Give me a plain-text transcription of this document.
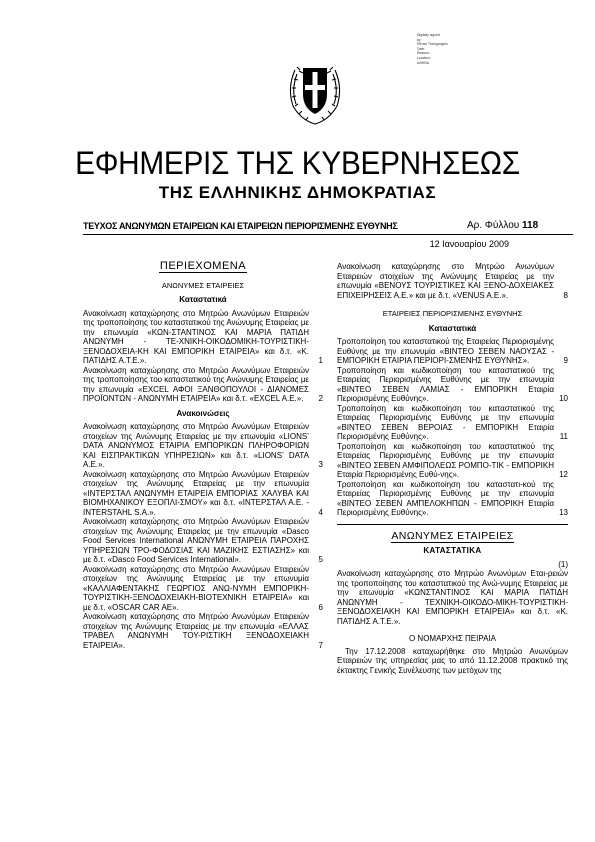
Digitally signed
by:
Εθνικό Τυπογραφείο
Date:
Reason:
Location:
ΑΘΗΝΑ
ΕΦΗΜΕΡΙΣ ΤΗΣ ΚΥΒΕΡΝΗΣΕΩΣ
ΤΗΣ ΕΛΛΗΝΙΚΗΣ ΔΗΜΟΚΡΑΤΙΑΣ
ΤΕΥΧΟΣ ΑΝΩΝΥΜΩΝ ΕΤΑΙΡΕΙΩΝ ΚΑΙ ΕΤΑΙΡΕΙΩΝ ΠΕΡΙΟΡΙΣΜΕΝΗΣ ΕΥΘΥΝΗΣ	Αρ. Φύλλου 118
12 Ιανουαρίου 2009
ΠΕΡΙΕΧΟΜΕΝΑ
ΑΝΩΝΥΜΕΣ ΕΤΑΙΡΕΙΕΣ
Καταστατικά
Ανακοίνωση καταχώρησης στο Μητρώο Ανωνύμων Εταιρειών της τροποποίησης του καταστατικού της Ανώνυμης Εταιρείας με την επωνυμία «ΚΩΝ-ΣΤΑΝΤΙΝΟΣ ΚΑΙ ΜΑΡΙΑ ΠΑΤΙΔΗ ΑΝΩΝΥΜΗ - ΤΕ-ΧΝΙΚΗ-ΟΙΚΟΔΟΜΙΚΗ-ΤΟΥΡΙΣΤΙΚΗ-ΞΕΝΟΔΟΧΕΙΑ-ΚΗ ΚΑΙ ΕΜΠΟΡΙΚΗ ΕΤΑΙΡΕΙΑ» και δ.τ. «Κ. ΠΑΤΙΔΗΣ Α.Τ.Ε.».	1
Ανακοίνωση καταχώρησης στο Μητρώο Ανωνύμων Εταιρειών της τροποποίησης του καταστατικού της Ανώνυμης Εταιρείας με την επωνυμία «EXCEL ΑΦΟΙ ΞΑΝΘΟΠΟΥΛΟΙ - ΔΙΑΝΟΜΕΣ ΠΡΟΪΟΝΤΩΝ - ΑΝΩΝΥΜΗ ΕΤΑΙΡΕΙΑ» και δ.τ. «EXCEL A.E.».	2
Ανακοινώσεις
Ανακοίνωση καταχώρησης στο Μητρώο Ανωνύμων Εταιρειών στοιχείων της Ανώνυμης Εταιρείας με την επωνυμία «LIONS’ DATA ΑΝΩΝΥΜΟΣ ΕΤΑΙΡΙΑ ΕΜΠΟΡΙΚΩΝ ΠΛΗΡΟΦΟΡΙΩΝ ΚΑΙ ΕΙΣΠΡΑΚΤΙΚΩΝ ΥΠΗΡΕΣΙΩΝ» και δ.τ. «LIONS’ DATA A.E.».	3
Ανακοίνωση καταχώρησης στο Μητρώο Ανωνύμων Εταιρειών στοιχείων της Ανώνυμης Εταιρείας με την επωνυμία «ΙΝΤΕΡΣΤΑΛ ΑΝΩΝΥΜΗ ΕΤΑΙΡΕΙΑ ΕΜΠΟΡΙΑΣ ΧΑΛΥΒΑ ΚΑΙ ΒΙΟΜΗΧΑΝΙΚΟΥ ΕΞΟΠΛΙ-ΣΜΟΥ» και δ.τ. «ΙΝΤΕΡΣΤΑΛ Α.Ε. - INTERSTAHL S.A.».	4
Ανακοίνωση καταχώρησης στο Μητρώο Ανωνύμων Εταιρειών στοιχείων της Ανώνυμης Εταιρείας με την επωνυμία «Dasco Food Services International ΑΝΩΝΥΜΗ ΕΤΑΙΡΕΙΑ ΠΑΡΟΧΗΣ ΥΠΗΡΕΣΙΩΝ ΤΡΟ-ΦΟΔΟΣΙΑΣ ΚΑΙ ΜΑΖΙΚΗΣ ΕΣΤΙΑΣΗΣ» και με δ.τ. «Dasco Food Services International».	5
Ανακοίνωση καταχώρησης στο Μητρώο Ανωνύμων Εταιρειών στοιχείων της Ανώνυμης Εταιρείας με την επωνυμία «ΚΑΛΛΙΑΦΕΝΤΑΚΗΣ ΓΕΩΡΓΙΟΣ ΑΝΩ-ΝΥΜΗ ΕΜΠΟΡΙΚΗ-ΤΟΥΡΙΣΤΙΚΗ-ΞΕΝΟΔΟΧΕΙΑΚΗ-ΒΙΟΤΕΧΝΙΚΗ ΕΤΑΙΡΕΙΑ» και με δ.τ. «OSCAR CAR AE».	6
Ανακοίνωση καταχώρησης στο Μητρώο Ανωνύμων Εταιρειών στοιχείων της Ανώνυμης Εταιρείας με την επωνυμία «ΕΛΛΑΣ ΤΡΑΒΕΛ ΑΝΩΝΥΜΗ ΤΟΥ-ΡΙΣΤΙΚΗ ΞΕΝΟΔΟΧΕΙΑΚΗ ΕΤΑΙΡΕΙΑ».	7
Ανακοίνωση καταχώρησης στο Μητρώο Ανωνύμων Εταιρειών στοιχείων της Ανώνυμης Εταιρείας με την επωνυμία «ΒΕΝΟΥΣ ΤΟΥΡΙΣΤΙΚΕΣ ΚΑΙ ΞΕΝΟ-ΔΟΧΕΙΑΚΕΣ ΕΠΙΧΕΙΡΗΣΕΙΣ Α.Ε.» και με δ.τ. «VENUS A.E.».	8
ΕΤΑΙΡΕΙΕΣ ΠΕΡΙΟΡΙΣΜΕΝΗΣ ΕΥΘΥΝΗΣ
Καταστατικά
Τροποποίηση του καταστατικού της Εταιρείας Περιορισμένης Ευθύνης με την επωνυμία «ΒΙΝΤΕΟ ΣΕΒΕΝ ΝΑΟΥΣΑΣ - ΕΜΠΟΡΙΚΗ ΕΤΑΙΡΙΑ ΠΕΡΙΟΡΙ-ΣΜΕΝΗΣ ΕΥΘΥΝΗΣ».	9
Τροποποίηση και κωδικοποίηση του καταστατικού της Εταιρείας Περιορισμένης Ευθύνης με την επωνυμία «ΒΙΝΤΕΟ ΣΕΒΕΝ ΛΑΜΙΑΣ - ΕΜΠΟΡΙΚΗ Εταιρία Περιορισμένης Ευθύνης».	10
Τροποποίηση και κωδικοποίηση του καταστατικού της Εταιρείας Περιορισμένης Ευθύνης με την επωνυμία «ΒΙΝΤΕΟ ΣΕΒΕΝ ΒΕΡΟΙΑΣ - ΕΜΠΟΡΙΚΗ Εταιρία Περιορισμένης Ευθύνης».	11
Τροποποίηση και κωδικοποίηση του καταστατικού της Εταιρείας Περιορισμένης Ευθύνης με την επωνυμία «ΒΙΝΤΕΟ ΣΕΒΕΝ ΑΜΦΙΠΟΛΕΩΣ ΡΟΜΠΟ-ΤΙΚ - ΕΜΠΟΡΙΚΗ Εταιρία Περιορισμένης Ευθύ-νης».	12
Τροποποίηση και κωδικοποίηση του καταστατι-κού της Εταιρείας Περιορισμένης Ευθύνης με την επωνυμία «ΒΙΝΤΕΟ ΣΕΒΕΝ ΑΜΠΕΛΟΚΗΠΩΝ - ΕΜΠΟΡΙΚΗ Εταιρία Περιορισμένης Ευθύνης».	13
ΑΝΩΝΥΜΕΣ ΕΤΑΙΡΕΙΕΣ
ΚΑΤΑΣΤΑΤΙΚΑ
(1)
Ανακοίνωση καταχώρησης στο Μητρώο Ανωνύμων Εται-ρειών της τροποποίησης του καταστατικού της Ανώ-νυμης Εταιρείας με την επωνυμία «ΚΩΝΣΤΑΝΤΙΝΟΣ ΚΑΙ ΜΑΡΙΑ ΠΑΤΙΔΗ ΑΝΩΝΥΜΗ - ΤΕΧΝΙΚΗ-ΟΙΚΟΔΟ-ΜΙΚΗ-ΤΟΥΡΙΣΤΙΚΗ-ΞΕΝΟΔΟΧΕΙΑΚΗ ΚΑΙ ΕΜΠΟΡΙΚΗ ΕΤΑΙΡΕΙΑ» και δ.τ. «Κ. ΠΑΤΙΔΗΣ Α.Τ.Ε.».
Ο ΝΟΜΑΡΧΗΣ ΠΕΙΡΑΙΑ
Την 17.12.2008 καταχωρήθηκε στο Μητρώο Ανωνύμων Εταιρειών της υπηρεσίας μας το από 11.12.2008 πρακτικό της έκτακτης Γενικής Συνέλευσης των μετόχων της
